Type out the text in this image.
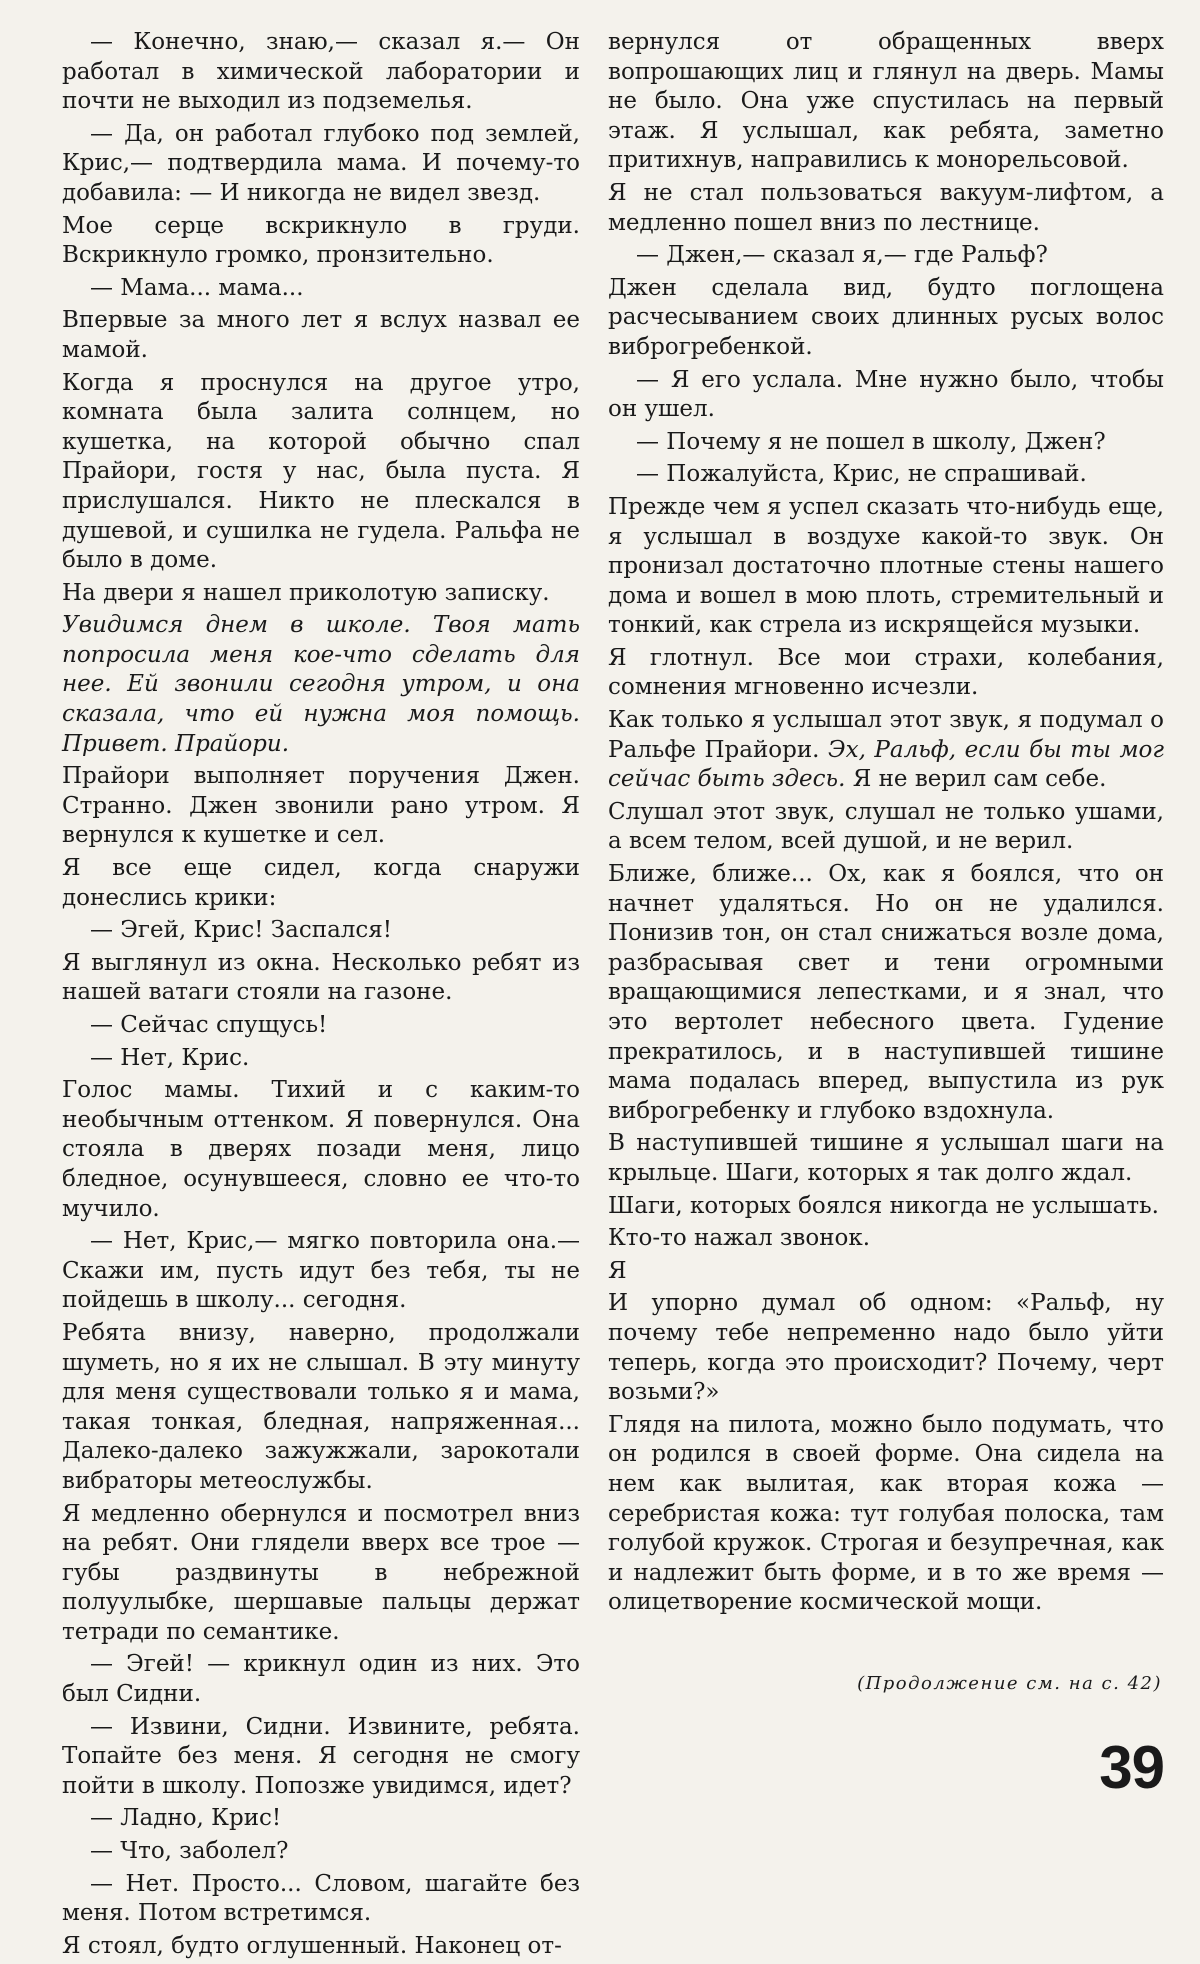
— Конечно, знаю,— сказал я.— Он работал в химической лаборатории и почти не выходил из подземелья.

— Да, он работал глубоко под землей, Крис,— подтвердила мама. И почему-то добавила: — И никогда не видел звезд.

Мое серце вскрикнуло в груди. Вскрикнуло громко, пронзительно.

— Мама... мама...

Впервые за много лет я вслух назвал ее мамой.

Когда я проснулся на другое утро, комната была залита солнцем, но кушетка, на которой обычно спал Прайори, гостя у нас, была пуста. Я прислушался. Никто не плескался в душевой, и сушилка не гудела. Ральфа не было в доме.

На двери я нашел приколотую записку.

Увидимся днем в школе. Твоя мать попросила меня кое-что сделать для нее. Ей звонили сегодня утром, и она сказала, что ей нужна моя помощь. Привет. Прайори.

Прайори выполняет поручения Джен. Странно. Джен звонили рано утром. Я вернулся к кушетке и сел.

Я все еще сидел, когда снаружи донеслись крики:

— Эгей, Крис! Заспался!

Я выглянул из окна. Несколько ребят из нашей ватаги стояли на газоне.

— Сейчас спущусь!

— Нет, Крис.

Голос мамы. Тихий и с каким-то необычным оттенком. Я повернулся. Она стояла в дверях позади меня, лицо бледное, осунувшееся, словно ее что-то мучило.

— Нет, Крис,— мягко повторила она.— Скажи им, пусть идут без тебя, ты не пойдешь в школу... сегодня.

Ребята внизу, наверно, продолжали шуметь, но я их не слышал. В эту минуту для меня существовали только я и мама, такая тонкая, бледная, напряженная... Далеко-далеко зажужжали, зарокотали вибраторы метеослужбы.

Я медленно обернулся и посмотрел вниз на ребят. Они глядели вверх все трое — губы раздвинуты в небрежной полуулыбке, шершавые пальцы держат тетради по семантике.

— Эгей! — крикнул один из них. Это был Сидни.

— Извини, Сидни. Извините, ребята. Топайте без меня. Я сегодня не смогу пойти в школу. Попозже увидимся, идет?

— Ладно, Крис!

— Что, заболел?

— Нет. Просто... Словом, шагайте без меня. Потом встретимся.

Я стоял, будто оглушенный. Наконец от-

вернулся от обращенных вверх вопрошающих лиц и глянул на дверь. Мамы не было. Она уже спустилась на первый этаж. Я услышал, как ребята, заметно притихнув, направились к монорельсовой.

Я не стал пользоваться вакуум-лифтом, а медленно пошел вниз по лестнице.

— Джен,— сказал я,— где Ральф?

Джен сделала вид, будто поглощена расчесыванием своих длинных русых волос виброгребенкой.

— Я его услала. Мне нужно было, чтобы он ушел.

— Почему я не пошел в школу, Джен?

— Пожалуйста, Крис, не спрашивай.

Прежде чем я успел сказать что-нибудь еще, я услышал в воздухе какой-то звук. Он пронизал достаточно плотные стены нашего дома и вошел в мою плоть, стремительный и тонкий, как стрела из искрящейся музыки.

Я глотнул. Все мои страхи, колебания, сомнения мгновенно исчезли.

Как только я услышал этот звук, я подумал о Ральфе Прайори. Эх, Ральф, если бы ты мог сейчас быть здесь. Я не верил сам себе.

Слушал этот звук, слушал не только ушами, а всем телом, всей душой, и не верил.

Ближе, ближе... Ох, как я боялся, что он начнет удаляться. Но он не удалился. Понизив тон, он стал снижаться возле дома, разбрасывая свет и тени огромными вращающимися лепестками, и я знал, что это вертолет небесного цвета. Гудение прекратилось, и в наступившей тишине мама подалась вперед, выпустила из рук виброгребенку и глубоко вздохнула.

В наступившей тишине я услышал шаги на крыльце. Шаги, которых я так долго ждал.

Шаги, которых боялся никогда не услышать.

Кто-то нажал звонок.

Я

И упорно думал об одном: «Ральф, ну почему тебе непременно надо было уйти теперь, когда это происходит? Почему, черт возьми?»

Глядя на пилота, можно было подумать, что он родился в своей форме. Она сидела на нем как вылитая, как вторая кожа — серебристая кожа: тут голубая полоска, там голубой кружок. Строгая и безупречная, как и надлежит быть форме, и в то же время — олицетворение космической мощи.

(Продолжение см. на с. 42)
39
